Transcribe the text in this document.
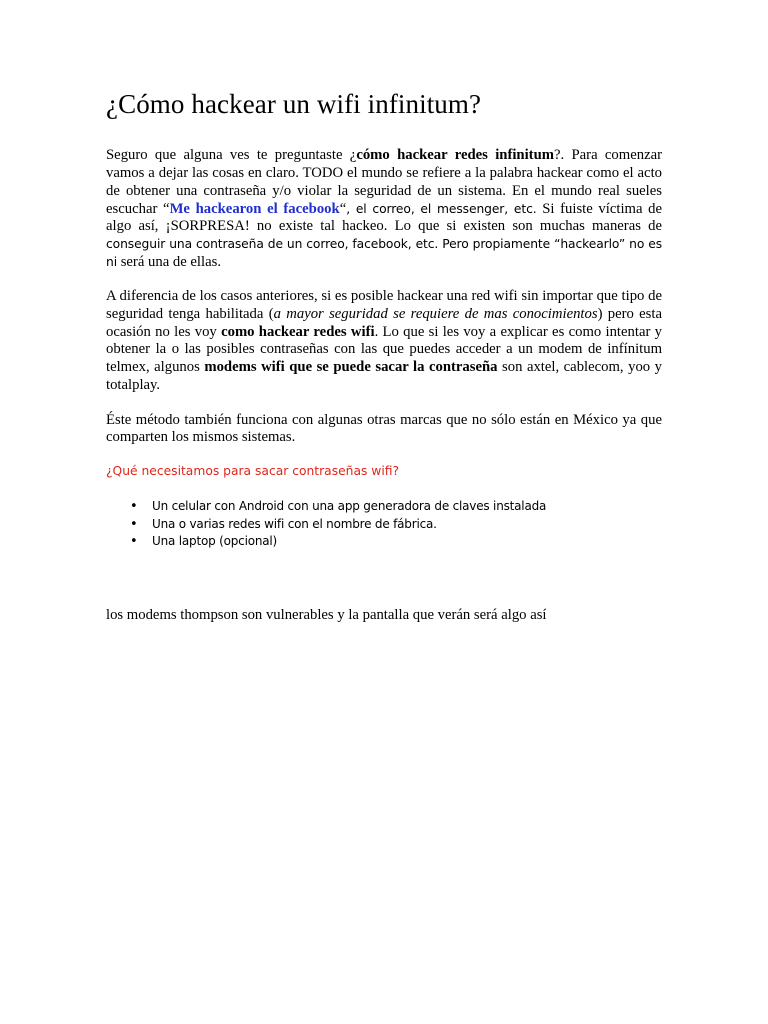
¿Cómo hackear un wifi infinitum?

Seguro que alguna ves te preguntaste ¿cómo hackear redes infinitum?. Para comenzar vamos a dejar las cosas en claro. TODO el mundo se refiere a la palabra hackear como el acto de obtener una contraseña y/o violar la seguridad de un sistema. En el mundo real sueles escuchar “Me hackearon el facebook“, el correo, el messenger, etc. Si fuiste víctima de algo así, ¡SORPRESA! no existe tal hackeo. Lo que si existen son muchas maneras de conseguir una contraseña de un correo, facebook, etc. Pero propiamente “hackearlo” no es ni será una de ellas.

A diferencia de los casos anteriores, si es posible hackear una red wifi sin importar que tipo de seguridad tenga habilitada (a mayor seguridad se requiere de mas conocimientos) pero esta ocasión no les voy como hackear redes wifi. Lo que si les voy a explicar es como intentar y obtener la o las posibles contraseñas con las que puedes acceder a un modem de infínitum telmex, algunos modems wifi que se puede sacar la contraseña son axtel, cablecom, yoo y totalplay.

Éste método también funciona con algunas otras marcas que no sólo están en México ya que comparten los mismos sistemas.

¿Qué necesitamos para sacar contraseñas wifi?
• Un celular con Android con una app generadora de claves instalada
• Una o varias redes wifi con el nombre de fábrica.
• Una laptop (opcional)

los modems thompson son vulnerables y la pantalla que verán será algo así
